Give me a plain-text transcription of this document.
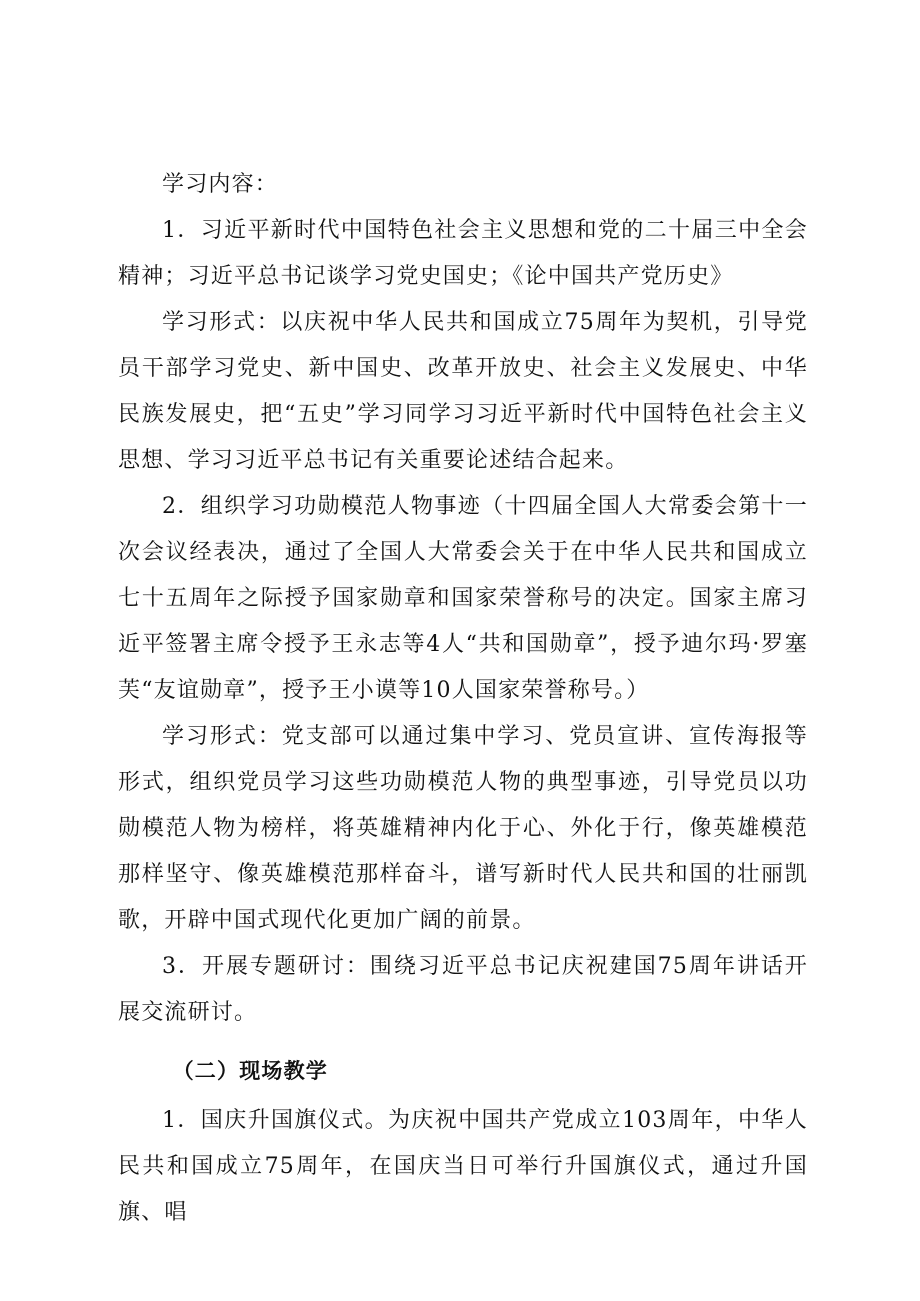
学习内容：

1．习近平新时代中国特色社会主义思想和党的二十届三中全会精神；习近平总书记谈学习党史国史；《论中国共产党历史》

学习形式：以庆祝中华人民共和国成立75周年为契机，引导党员干部学习党史、新中国史、改革开放史、社会主义发展史、中华民族发展史，把“五史”学习同学习习近平新时代中国特色社会主义思想、学习习近平总书记有关重要论述结合起来。

2．组织学习功勋模范人物事迹（十四届全国人大常委会第十一次会议经表决，通过了全国人大常委会关于在中华人民共和国成立七十五周年之际授予国家勋章和国家荣誉称号的决定。国家主席习近平签署主席令授予王永志等4人“共和国勋章”，授予迪尔玛·罗塞芙“友谊勋章”，授予王小谟等10人国家荣誉称号。）

学习形式：党支部可以通过集中学习、党员宣讲、宣传海报等形式，组织党员学习这些功勋模范人物的典型事迹，引导党员以功勋模范人物为榜样，将英雄精神内化于心、外化于行，像英雄模范那样坚守、像英雄模范那样奋斗，谱写新时代人民共和国的壮丽凯歌，开辟中国式现代化更加广阔的前景。

3．开展专题研讨：围绕习近平总书记庆祝建国75周年讲话开展交流研讨。

（二）现场教学

1．国庆升国旗仪式。为庆祝中国共产党成立103周年，中华人民共和国成立75周年，在国庆当日可举行升国旗仪式，通过升国旗、唱
